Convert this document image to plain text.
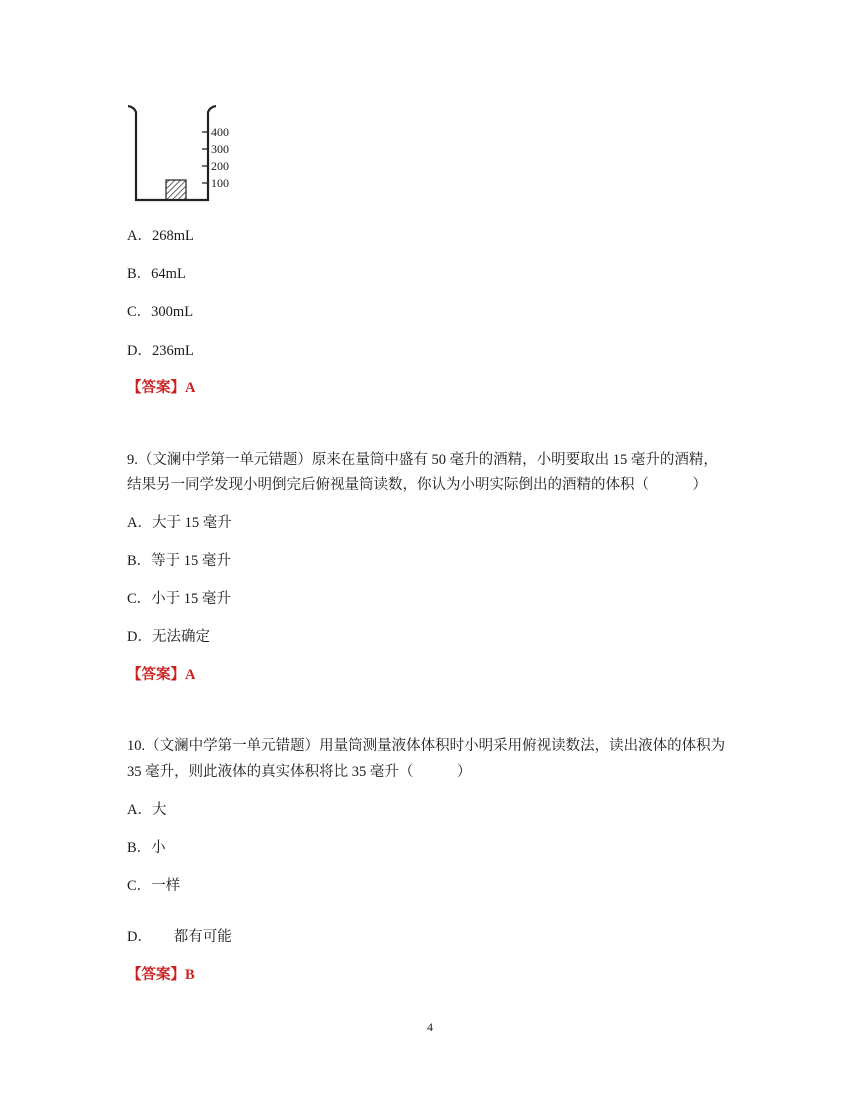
400
300
200
100
A．268mL
B．64mL
C．300mL
D．236mL
【答案】A
9.（文澜中学第一单元错题）原来在量筒中盛有 50 毫升的酒精，小明要取出 15 毫升的酒精，
结果另一同学发现小明倒完后俯视量筒读数，你认为小明实际倒出的酒精的体积（　　　）
A．大于 15 毫升
B．等于 15 毫升
C．小于 15 毫升
D．无法确定
【答案】A
10.（文澜中学第一单元错题）用量筒测量液体体积时小明采用俯视读数法，读出液体的体积为
35 毫升，则此液体的真实体积将比 35 毫升（　　　）
A．大
B．小
C．一样
D．　　都有可能
【答案】B
4
